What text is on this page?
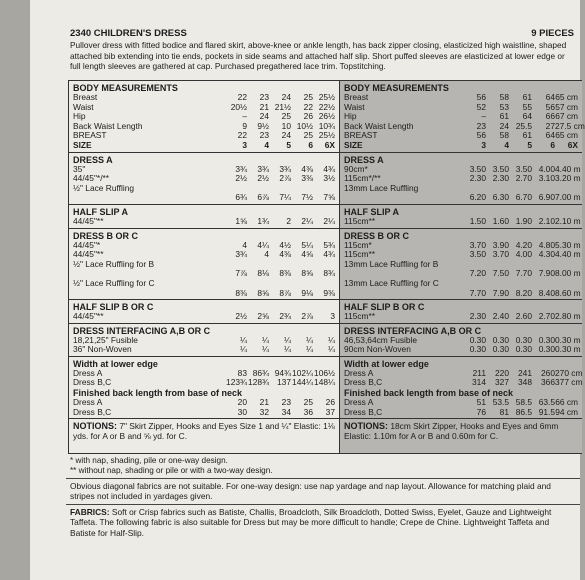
2340 CHILDREN'S DRESS	9 PIECES
Pullover dress with fitted bodice and flared skirt, above-knee or ankle length, has back zipper closing, elasticized high waistline, shaped attached bib extending into tie ends, pockets in side seams and attached half slip. Short puffed sleeves are elasticized at lower edge or full length sleeves are gathered at cap. Purchased pregathered lace trim. Topstitching.
BODY MEASUREMENTS
Breast	22	23	24	25 25½
Waist	20½	21 21½	22 22½
Hip	–	24	25	26 26½
Back Waist Length	9	9½	10 10½ 10¾
BREAST	22	23	24	25 25½
SIZE	3	4	5	6	6X
DRESS A
35"	3¾	3¾	3¾	4⅜	4¾
44/45"*/**	2½	2½	2⅞	3⅜	3½
½" Lace Ruffling
6¾	6⅞	7¼	7½	7⅝
HALF SLIP A
44/45"**	1⅝	1¾	2	2¼	2¼
DRESS B OR C
44/45"*	4	4¼	4½	5¼	5¾
44/45"**	3¾	4	4⅜	4⅝	4¾
½" Lace Ruffling for B
7⅞	8⅛	8⅜	8⅝	8¾
½" Lace Ruffling for C
8⅜	8⅝	8⅞	9⅛	9⅜
HALF SLIP B OR C
44/45"**	2½	2⅝	2¾	2⅞	3
DRESS INTERFACING A,B OR C
18,21,25" Fusible	¼	¼	¼	¼	¼
36" Non-Woven	¼	¼	¼	¼	¼
Width at lower edge
Dress A	83 86¾ 94¾ 102¼ 106½
Dress B,C	123¾ 128¾ 137 144¼ 148¼
Finished back length from base of neck
Dress A	20	21	23	25	26
Dress B,C	30	32	34	36	37
NOTIONS: 7" Skirt Zipper, Hooks and Eyes Size 1 and ¼" Elastic: 1⅛ yds. for A or B and ⅝ yd. for C.
BODY MEASUREMENTS
Breast	56	58	61	64 65 cm
Waist	52	53	55	56 57 cm
Hip	–	61	64	66 67 cm
Back Waist Length	23	24 25.5	27 27.5 cm
BREAST	56	58	61	64 65 cm
SIZE	3	4	5	6	6X
DRESS A
90cm*	3.50 3.50 3.50 4.00 4.40 m
115cm*/**	2.30 2.30 2.70 3.10 3.20 m
13mm Lace Ruffling
6.20 6.30 6.70 6.90 7.00 m
HALF SLIP A
115cm**	1.50 1.60 1.90 2.10 2.10 m
DRESS B OR C
115cm*	3.70 3.90 4.20 4.80 5.30 m
115cm**	3.50 3.70 4.00 4.30 4.40 m
13mm Lace Ruffling for B
7.20 7.50 7.70 7.90 8.00 m
13mm Lace Ruffling for C
7.70 7.90 8.20 8.40 8.60 m
HALF SLIP B OR C
115cm**	2.30 2.40 2.60 2.70 2.80 m
DRESS INTERFACING A,B OR C
46,53,64cm Fusible	0.30 0.30 0.30 0.30 0.30 m
90cm Non-Woven	0.30 0.30 0.30 0.30 0.30 m
Width at lower edge
Dress A	211	220	241	260 270 cm
Dress B,C	314	327	348	366 377 cm
Finished back length from base of neck
Dress A	51 53.5 58.5 63.5 66 cm
Dress B,C	76	81 86.5 91.5 94 cm
NOTIONS: 18cm Skirt Zipper, Hooks and Eyes and 6mm Elastic: 1.10m for A or B and 0.60m for C.
* with nap, shading, pile or one-way design.
** without nap, shading or pile or with a two-way design.
Obvious diagonal fabrics are not suitable. For one-way design: use nap yardage and nap layout. Allowance for matching plaid and stripes not included in yardages given.
FABRICS: Soft or Crisp fabrics such as Batiste, Challis, Broadcloth, Silk Broadcloth, Dotted Swiss, Eyelet, Gauze and Lightweight Taffeta. The following fabric is also suitable for Dress but may be more difficult to handle; Crepe de Chine. Lightweight Taffeta and Batiste for Half-Slip.
